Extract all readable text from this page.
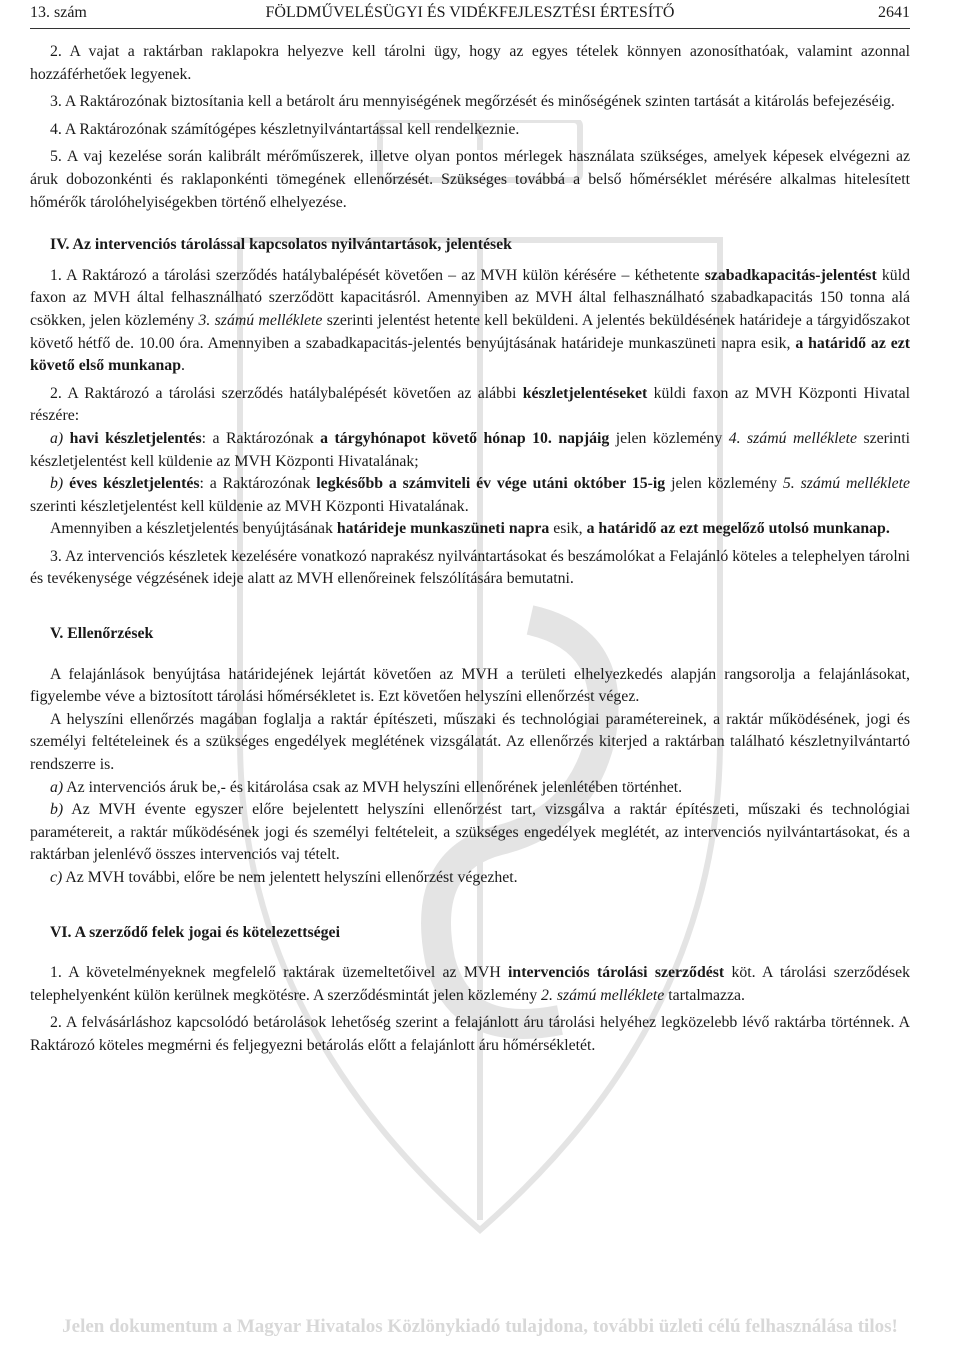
13. szám	FÖLDMŰVELÉSÜGYI ÉS VIDÉKFEJLESZTÉSI ÉRTESÍTŐ	2641

2. A vajat a raktárban raklapokra helyezve kell tárolni ügy, hogy az egyes tételek könnyen azonosíthatóak, valamint azonnal hozzáférhetőek legyenek.

3. A Raktározónak biztosítania kell a betárolt áru mennyiségének megőrzését és minőségének szinten tartását a kitárolás befejezéséig.

4. A Raktározónak számítógépes készletnyilvántartással kell rendelkeznie.

5. A vaj kezelése során kalibrált mérőműszerek, illetve olyan pontos mérlegek használata szükséges, amelyek képesek elvégezni az áruk dobozonkénti és raklaponkénti tömegének ellenőrzését. Szükséges továbbá a belső hőmérséklet mérésére alkalmas hitelesített hőmérők tárolóhelyiségekben történő elhelyezése.

IV. Az intervenciós tárolással kapcsolatos nyilvántartások, jelentések

1. A Raktározó a tárolási szerződés hatálybalépését követően – az MVH külön kérésére – kéthetente szabadkapacitás-jelentést küld faxon az MVH által felhasználható szerződött kapacitásról. Amennyiben az MVH által felhasználható szabadkapacitás 150 tonna alá csökken, jelen közlemény 3. számú melléklete szerinti jelentést hetente kell beküldeni. A jelentés beküldésének határideje a tárgyidőszakot követő hétfő de. 10.00 óra. Amennyiben a szabadkapacitás-jelentés benyújtásának határideje munkaszüneti napra esik, a határidő az ezt követő első munkanap.

2. A Raktározó a tárolási szerződés hatálybalépését követően az alábbi készletjelentéseket küldi faxon az MVH Központi Hivatal részére:

a) havi készletjelentés: a Raktározónak a tárgyhónapot követő hónap 10. napjáig jelen közlemény 4. számú melléklete szerinti készletjelentést kell küldenie az MVH Központi Hivatalának;

b) éves készletjelentés: a Raktározónak legkésőbb a számviteli év vége utáni október 15-ig jelen közlemény 5. számú melléklete szerinti készletjelentést kell küldenie az MVH Központi Hivatalának.

Amennyiben a készletjelentés benyújtásának határideje munkaszüneti napra esik, a határidő az ezt megelőző utolsó munkanap.

3. Az intervenciós készletek kezelésére vonatkozó naprakész nyilvántartásokat és beszámolókat a Felajánló köteles a telephelyen tárolni és tevékenysége végzésének ideje alatt az MVH ellenőreinek felszólítására bemutatni.

V. Ellenőrzések

A felajánlások benyújtása határidejének lejártát követően az MVH a területi elhelyezkedés alapján rangsorolja a felajánlásokat, figyelembe véve a biztosított tárolási hőmérsékletet is. Ezt követően helyszíni ellenőrzést végez.

A helyszíni ellenőrzés magában foglalja a raktár építészeti, műszaki és technológiai paramétereinek, a raktár működésének, jogi és személyi feltételeinek és a szükséges engedélyek meglétének vizsgálatát. Az ellenőrzés kiterjed a raktárban található készletnyilvántartó rendszerre is.

a) Az intervenciós áruk be,- és kitárolása csak az MVH helyszíni ellenőrének jelenlétében történhet.

b) Az MVH évente egyszer előre bejelentett helyszíni ellenőrzést tart, vizsgálva a raktár építészeti, műszaki és technológiai paramétereit, a raktár működésének jogi és személyi feltételeit, a szükséges engedélyek meglétét, az intervenciós nyilvántartásokat, és a raktárban jelenlévő összes intervenciós vaj tételt.

c) Az MVH további, előre be nem jelentett helyszíni ellenőrzést végezhet.

VI. A szerződő felek jogai és kötelezettségei

1. A követelményeknek megfelelő raktárak üzemeltetőivel az MVH intervenciós tárolási szerződést köt. A tárolási szerződések telephelyenként külön kerülnek megkötésre. A szerződésmintát jelen közlemény 2. számú melléklete tartalmazza.

2. A felvásárláshoz kapcsolódó betárolások lehetőség szerint a felajánlott áru tárolási helyéhez legközelebb lévő raktárba történnek. A Raktározó köteles megmérni és feljegyezni betárolás előtt a felajánlott áru hőmérsékletét.

Jelen dokumentum a Magyar Hivatalos Közlönykiadó tulajdona, további üzleti célú felhasználása tilos!
